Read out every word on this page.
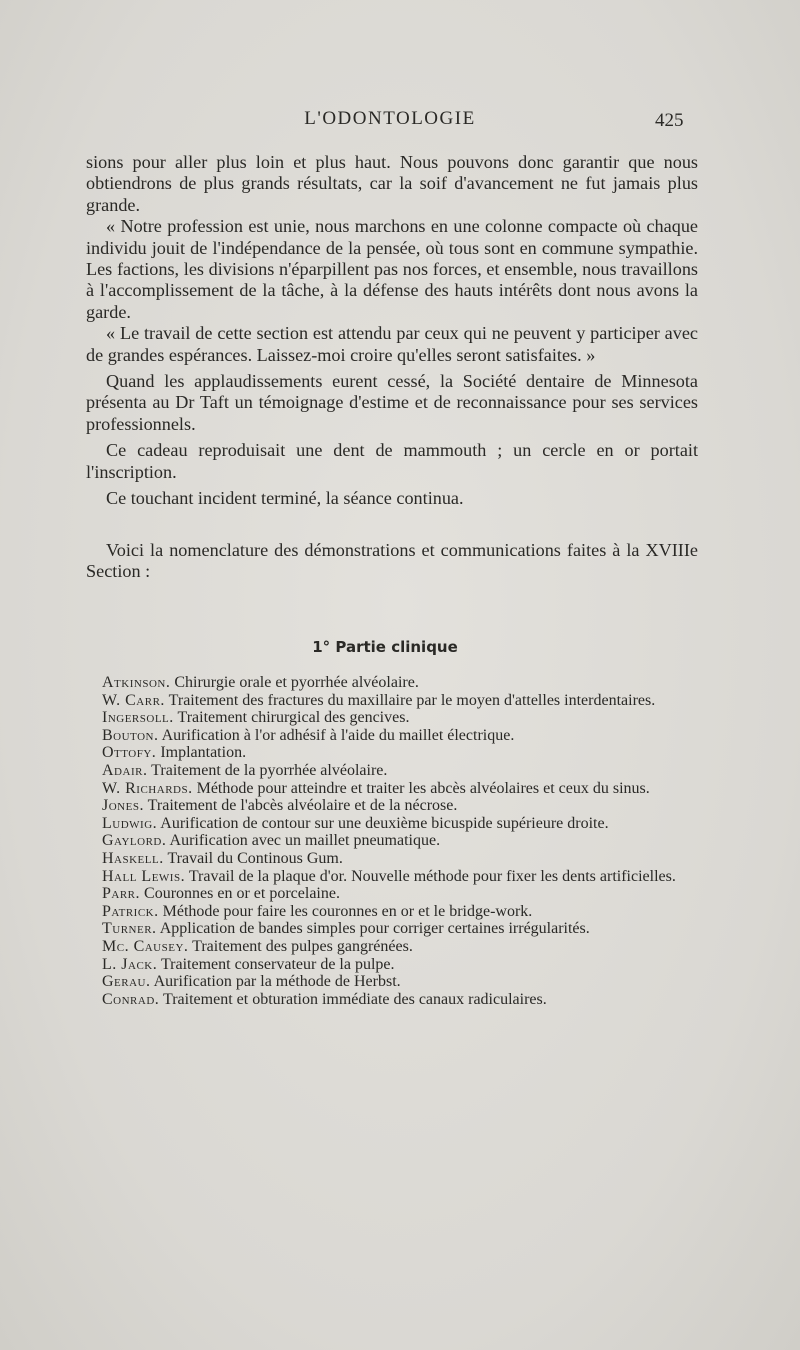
L'ODONTOLOGIE	425

sions pour aller plus loin et plus haut. Nous pouvons donc garantir que nous obtiendrons de plus grands résultats, car la soif d'avancement ne fut jamais plus grande.

« Notre profession est unie, nous marchons en une colonne compacte où chaque individu jouit de l'indépendance de la pensée, où tous sont en commune sympathie. Les factions, les divisions n'éparpillent pas nos forces, et ensemble, nous travaillons à l'accomplissement de la tâche, à la défense des hauts intérêts dont nous avons la garde.

« Le travail de cette section est attendu par ceux qui ne peuvent y participer avec de grandes espérances. Laissez-moi croire qu'elles seront satisfaites. »

Quand les applaudissements eurent cessé, la Société dentaire de Minnesota présenta au Dr Taft un témoignage d'estime et de reconnaissance pour ses services professionnels.

Ce cadeau reproduisait une dent de mammouth ; un cercle en or portait l'inscription.

Ce touchant incident terminé, la séance continua.

Voici la nomenclature des démonstrations et communications faites à la XVIIIe Section :

1° Partie clinique

Atkinson. Chirurgie orale et pyorrhée alvéolaire.

W. Carr. Traitement des fractures du maxillaire par le moyen d'attelles interdentaires.

Ingersoll. Traitement chirurgical des gencives.

Bouton. Aurification à l'or adhésif à l'aide du maillet électrique.

Ottofy. Implantation.

Adair. Traitement de la pyorrhée alvéolaire.

W. Richards. Méthode pour atteindre et traiter les abcès alvéolaires et ceux du sinus.

Jones. Traitement de l'abcès alvéolaire et de la nécrose.

Ludwig. Aurification de contour sur une deuxième bicuspide supérieure droite.

Gaylord. Aurification avec un maillet pneumatique.

Haskell. Travail du Continous Gum.

Hall Lewis. Travail de la plaque d'or. Nouvelle méthode pour fixer les dents artificielles.

Parr. Couronnes en or et porcelaine.

Patrick. Méthode pour faire les couronnes en or et le bridge-work.

Turner. Application de bandes simples pour corriger certaines irrégularités.

Mc. Causey. Traitement des pulpes gangrénées.

L. Jack. Traitement conservateur de la pulpe.

Gerau. Aurification par la méthode de Herbst.

Conrad. Traitement et obturation immédiate des canaux radiculaires.
